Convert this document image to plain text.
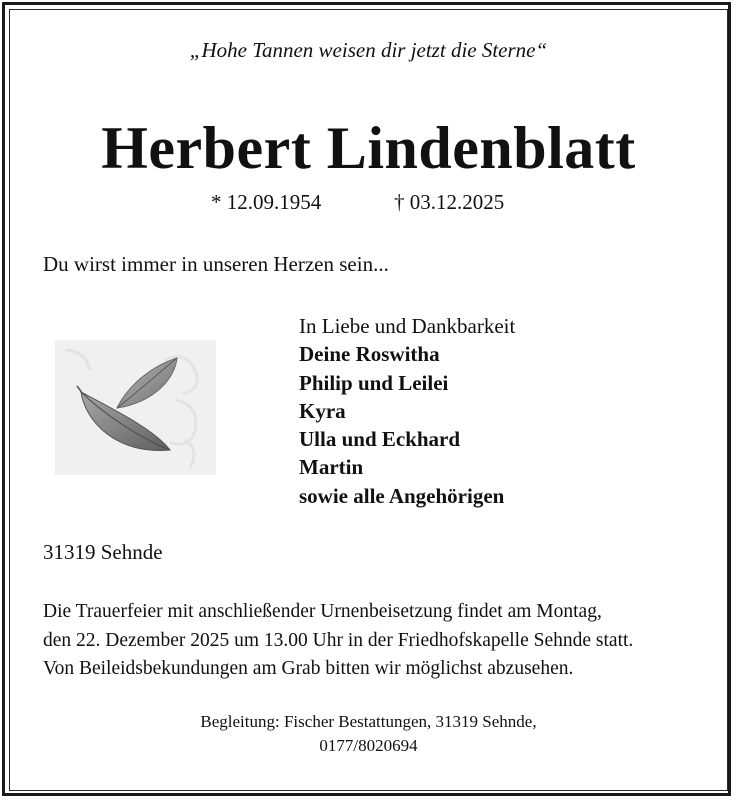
„Hohe Tannen weisen dir jetzt die Sterne“
Herbert Lindenblatt
* 12.09.1954	† 03.12.2025
Du wirst immer in unseren Herzen sein...
In Liebe und Dankbarkeit
Deine Roswitha
Philip und Leilei
Kyra
Ulla und Eckhard
Martin
sowie alle Angehörigen
31319 Sehnde
Die Trauerfeier mit anschließender Urnenbeisetzung findet am Montag,
den 22. Dezember 2025 um 13.00 Uhr in der Friedhofskapelle Sehnde statt.
Von Beileidsbekundungen am Grab bitten wir möglichst abzusehen.
Begleitung: Fischer Bestattungen, 31319 Sehnde,
0177/8020694
